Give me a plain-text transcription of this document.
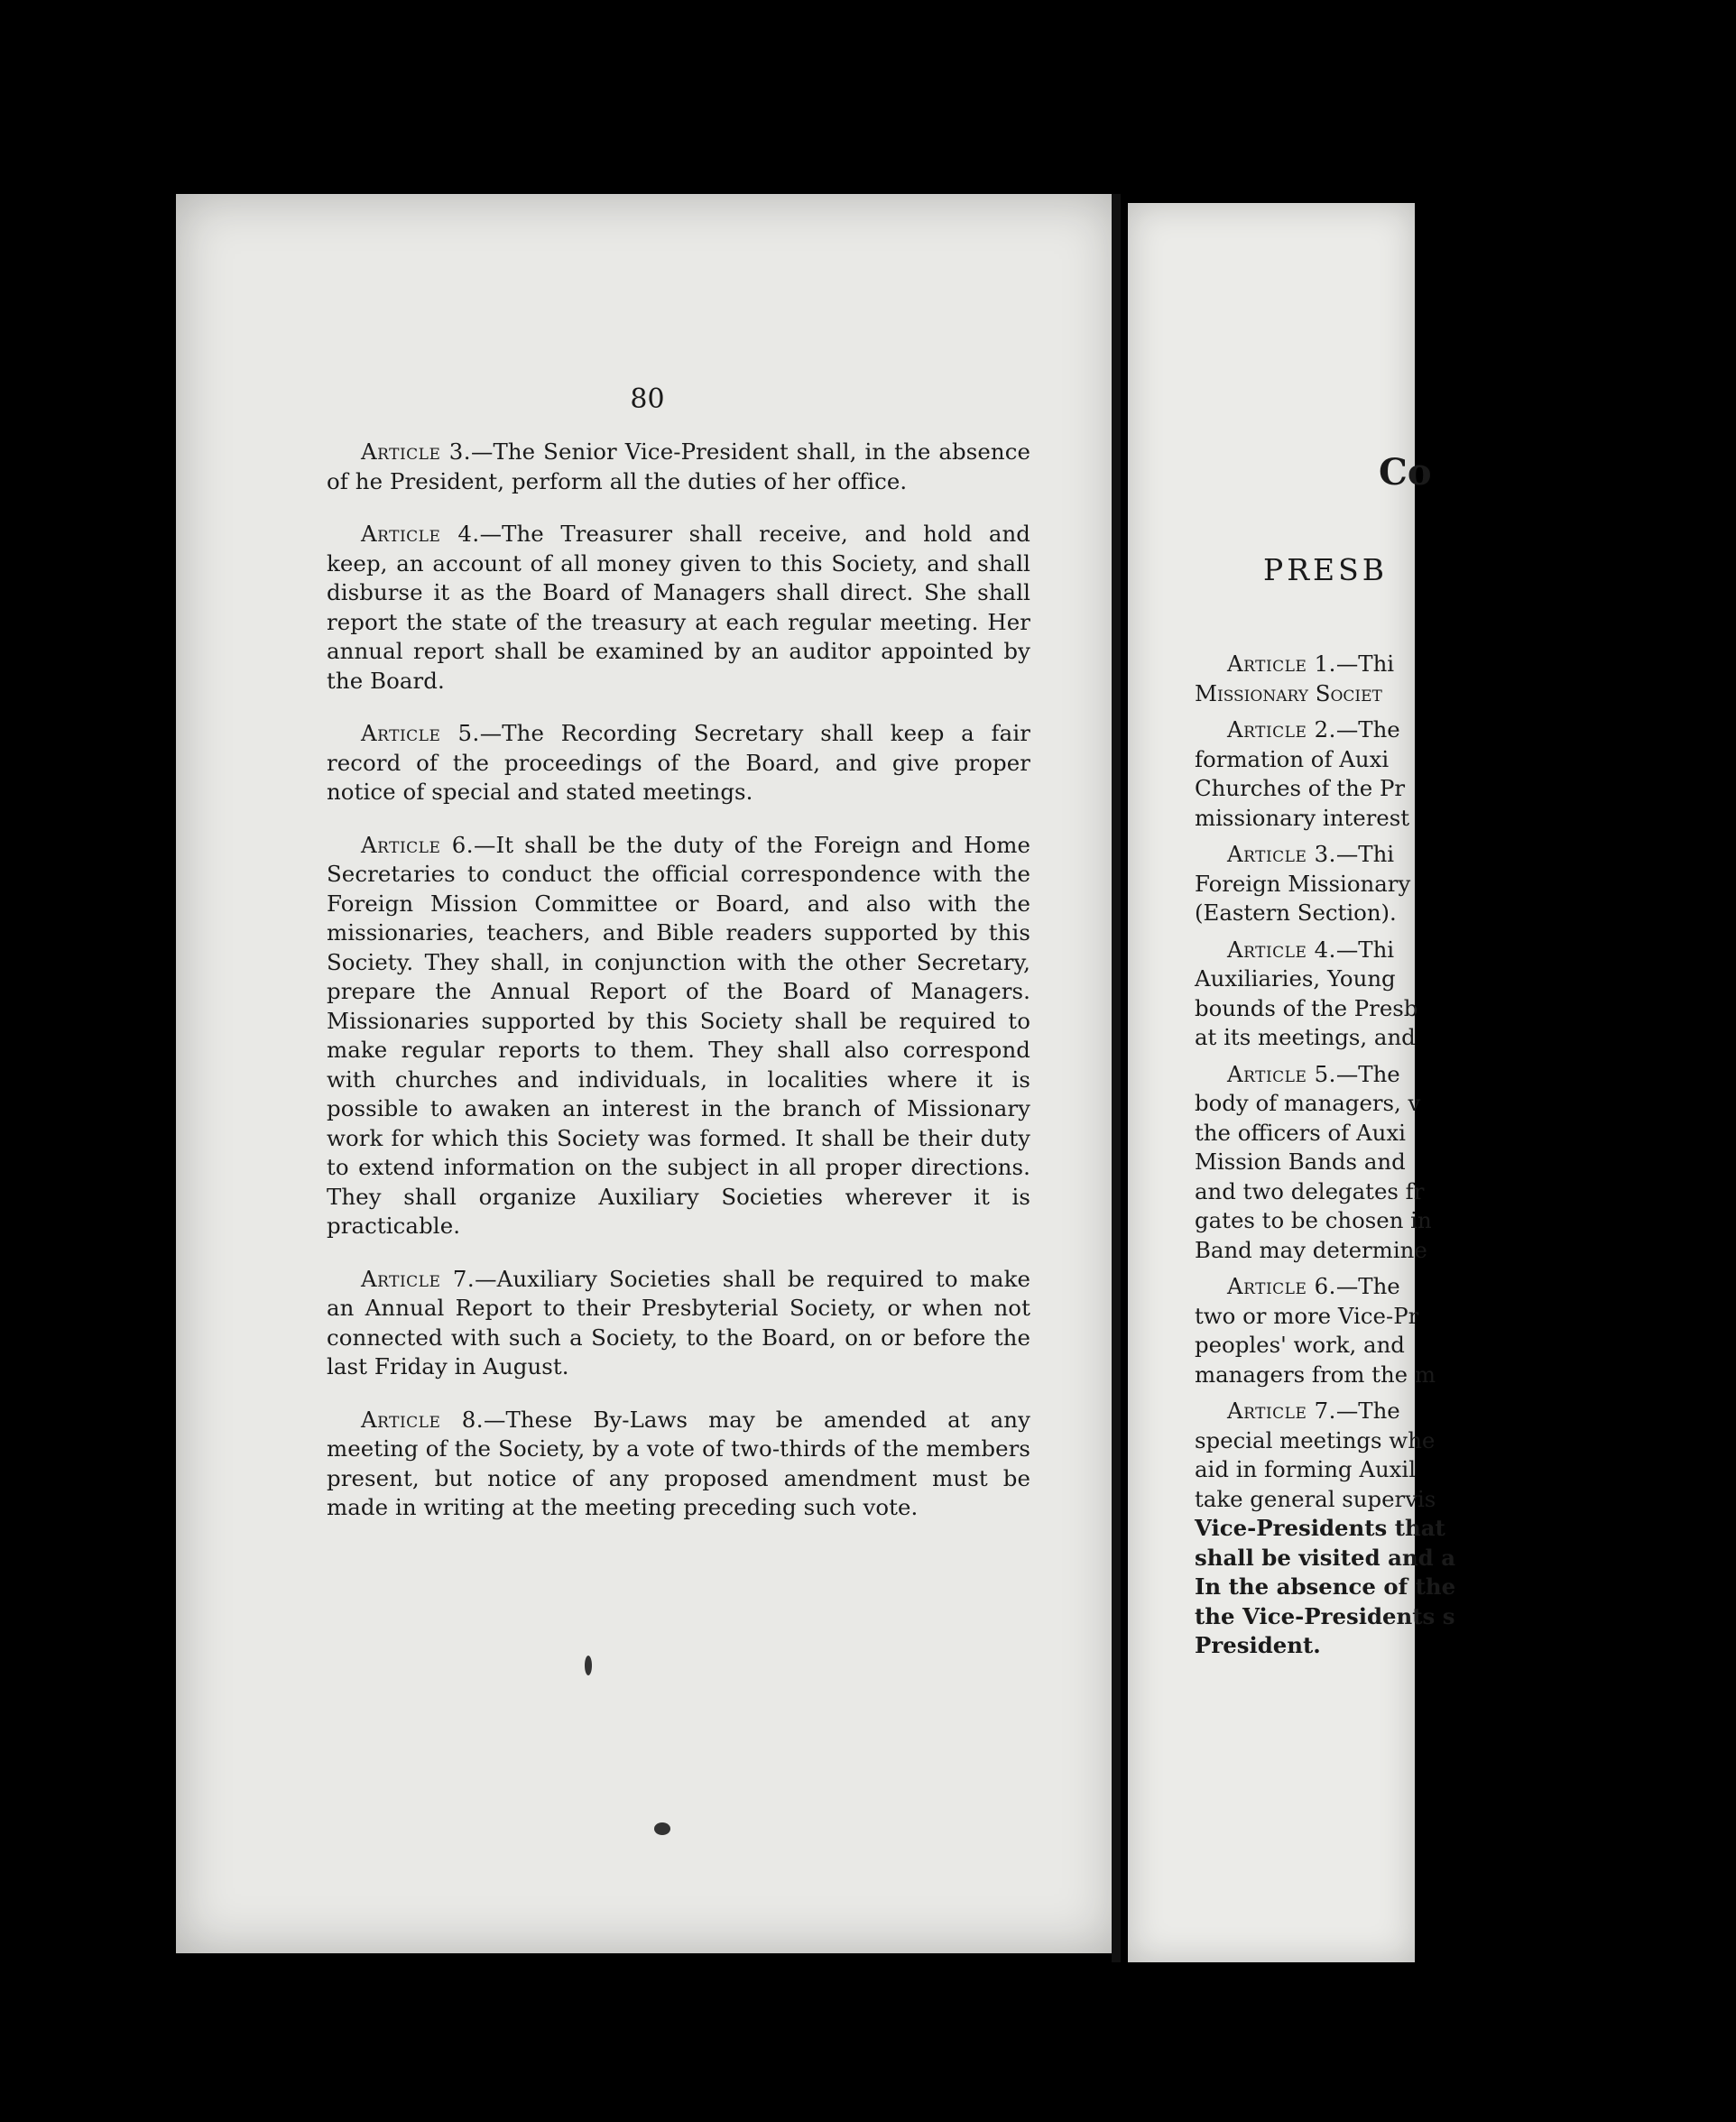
80

Article 3.—The Senior Vice-President shall, in the absence of he President, perform all the duties of her office.

Article 4.—The Treasurer shall receive, and hold and keep, an account of all money given to this Society, and shall disburse it as the Board of Managers shall direct. She shall report the state of the treasury at each regular meeting. Her annual report shall be examined by an auditor appointed by the Board.

Article 5.—The Recording Secretary shall keep a fair record of the proceedings of the Board, and give proper notice of special and stated meetings.

Article 6.—It shall be the duty of the Foreign and Home Secretaries to conduct the official correspondence with the Foreign Mission Committee or Board, and also with the missionaries, teachers, and Bible readers supported by this Society. They shall, in conjunction with the other Secretary, prepare the Annual Report of the Board of Managers. Missionaries supported by this Society shall be required to make regular reports to them. They shall also correspond with churches and individuals, in localities where it is possible to awaken an interest in the branch of Missionary work for which this Society was formed. It shall be their duty to extend information on the subject in all proper directions. They shall organize Auxiliary Societies wherever it is practicable.

Article 7.—Auxiliary Societies shall be required to make an Annual Report to their Presbyterial Society, or when not connected with such a Society, to the Board, on or before the last Friday in August.

Article 8.—These By-Laws may be amended at any meeting of the Society, by a vote of two-thirds of the members present, but notice of any proposed amendment must be made in writing at the meeting preceding such vote.

Co
PRESB
Article 1.—Thi
Missionary Societ
Article 2.—The
formation of Auxi
Churches of the Pr
missionary interest
Article 3.—Thi
Foreign Missionary
(Eastern Section).
Article 4.—Thi
Auxiliaries, Young
bounds of the Presb
at its meetings, and
Article 5.—The
body of managers, v
the officers of Auxi
Mission Bands and
and two delegates fr
gates to be chosen in
Band may determine
Article 6.—The
two or more Vice-Pr
peoples' work, and
managers from the m
Article 7.—The
special meetings whe
aid in forming Auxil
take general supervis
Vice-Presidents that
shall be visited and a
In the absence of the
the Vice-Presidents s
President.
